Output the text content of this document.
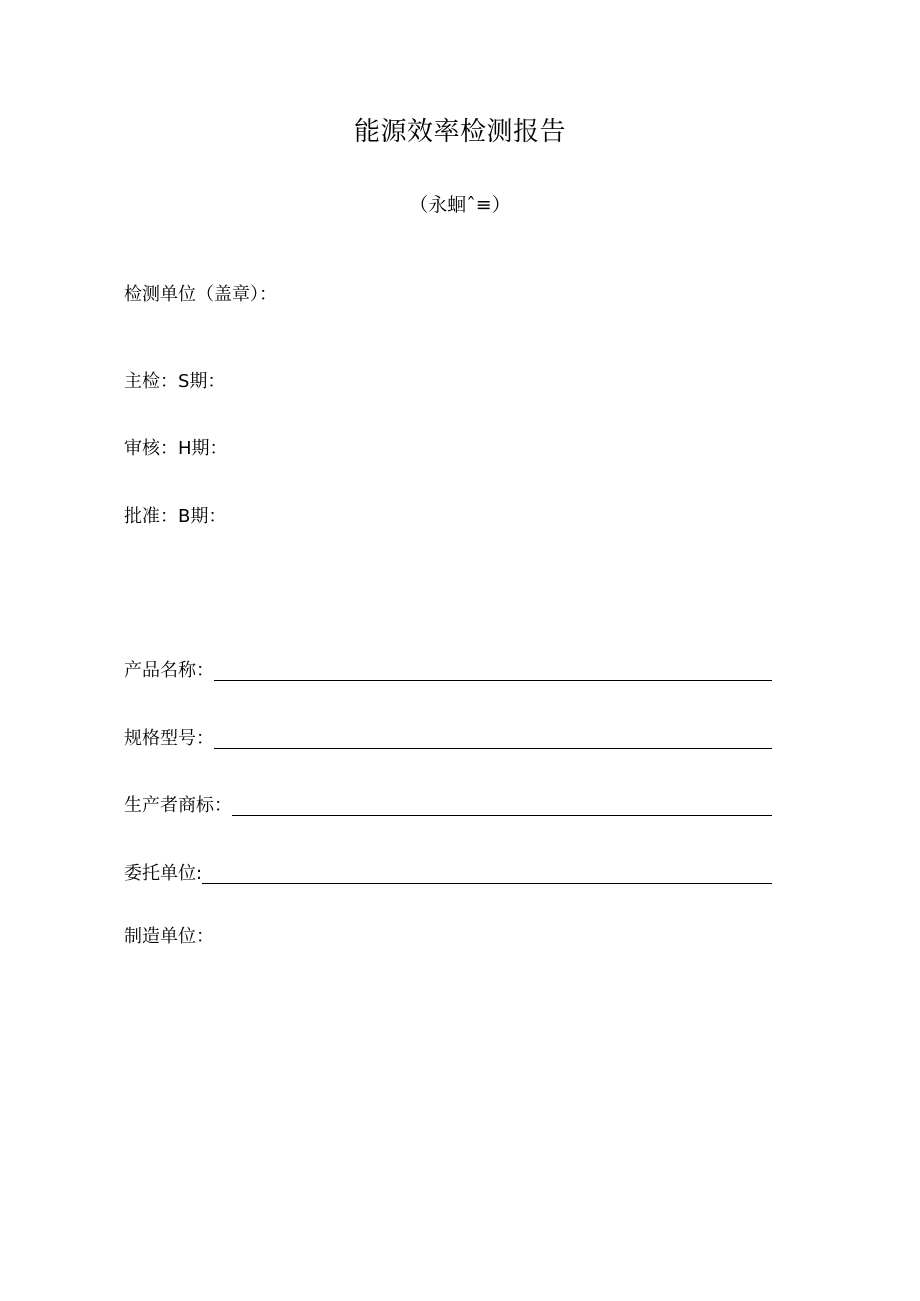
能源效率检测报告
（永蛔ˆ≡）
检测单位（盖章）：
主检：S期：
审核：H期：
批准：B期：
产品名称：
规格型号：
生产者商标：
委托单位:
制造单位：
